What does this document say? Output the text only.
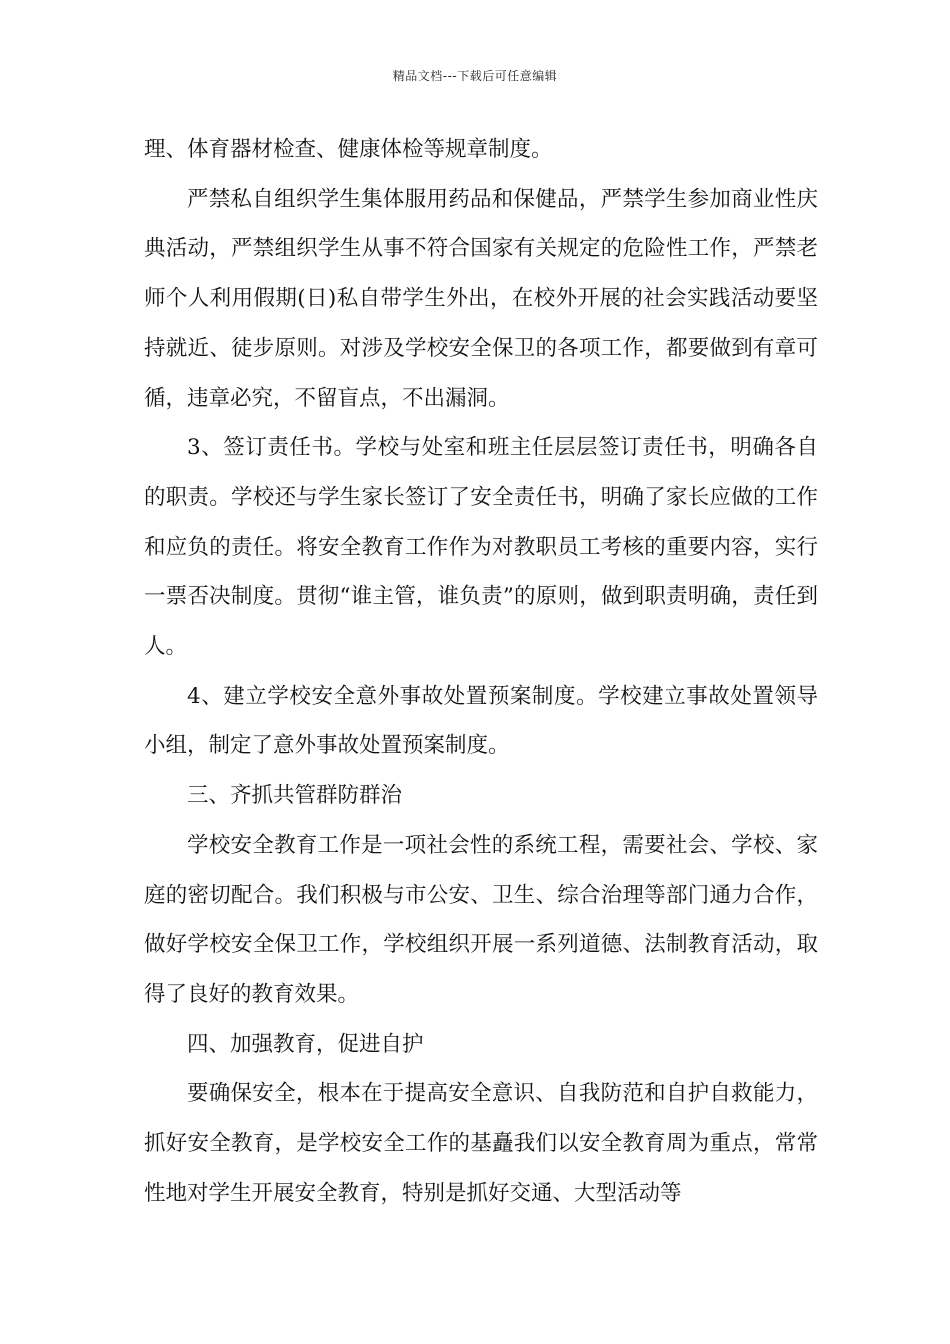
精品文档---下载后可任意编辑

理、体育器材检查、健康体检等规章制度。

严禁私自组织学生集体服用药品和保健品，严禁学生参加商业性庆典活动，严禁组织学生从事不符合国家有关规定的危险性工作，严禁老师个人利用假期(日)私自带学生外出，在校外开展的社会实践活动要坚持就近、徒步原则。对涉及学校安全保卫的各项工作，都要做到有章可循，违章必究，不留盲点，不出漏洞。

3、签订责任书。学校与处室和班主任层层签订责任书，明确各自的职责。学校还与学生家长签订了安全责任书，明确了家长应做的工作和应负的责任。将安全教育工作作为对教职员工考核的重要内容，实行一票否决制度。贯彻“谁主管，谁负责”的原则，做到职责明确，责任到人。

4、建立学校安全意外事故处置预案制度。学校建立事故处置领导小组，制定了意外事故处置预案制度。

三、齐抓共管群防群治

学校安全教育工作是一项社会性的系统工程，需要社会、学校、家庭的密切配合。我们积极与市公安、卫生、综合治理等部门通力合作，做好学校安全保卫工作，学校组织开展一系列道德、法制教育活动，取得了良好的教育效果。

四、加强教育，促进自护

要确保安全，根本在于提高安全意识、自我防范和自护自救能力，抓好安全教育，是学校安全工作的基矗我们以安全教育周为重点，常常性地对学生开展安全教育，特别是抓好交通、大型活动等
